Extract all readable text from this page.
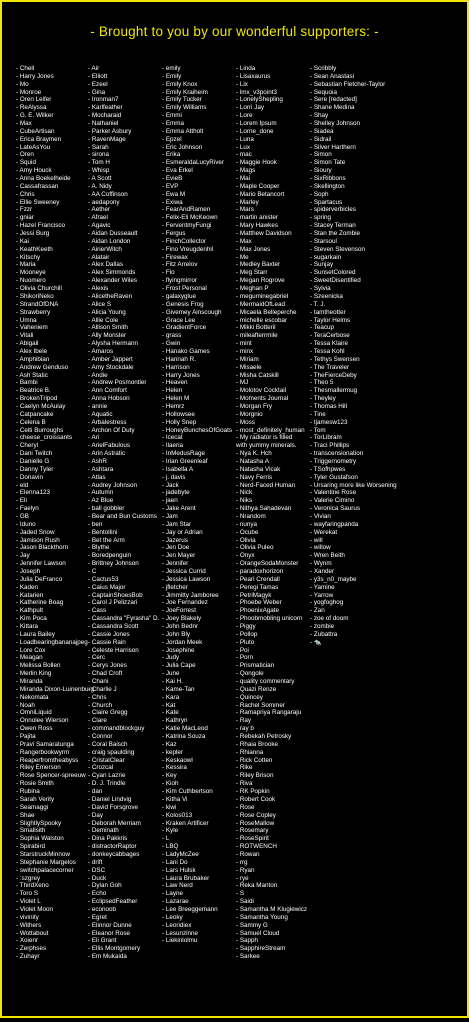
- Brought to you by our wonderful supporters: -
- Chell
- Harry Jones
- Mo
- Monroe
- Oren Leifer
- ReAlyssa
- G. E. Wilker
- Max
- CubeArtisan
- Erica Braymen
- LateAsYou
- Oren
- Squid
- Amy Houck
- Anna Boekelheide
- Cassafrassan
- Chris
- Ellie Sweeney
- Fzzr
- gniar
- Hazel Francisco
- Jessi Burg
- Kai
- KeathKeeth
- Kitschy
- Maria
- Mooneye
- Nuomero
- Olivia Churchill
- ShikoriNeko
- StrandOfDNA
- Strawberry
- Umna
- Vaheniem
- Vitali
- Abigail
- Alex Ibele
- Amphibian
- Andrew Genduso
- Ash Static
- Bambi
- Beatrice B.
- BrokenTripod
- Caelyn McAulay
- Catpancake
- Celena B
- Celti Burroughs
- cheese_croissants
- Cheryl
- Dani Twitch
- Danielle G
- Danny Tyler
- Donavin
- eld
- Elenna123
- Eli
- Faelyn
- GB
- Iduno
- Jaded Snow
- Jamison Rush
- Jason Blackthorn
- Jay
- Jennifer Lawson
- Joseph
- Julia DeFranco
- Kaden
- Katarien
- Katherine Boag
- Kathpult
- Kim Poca
- Kittara
- Laura Bailey
- Loadbearingbananajpeg
- Lore Cox
- Meagan
- Melissa Bollen
- Merlin King
- Miranda
- Miranda Dixon-Luinenburg
- Nekomata
- Noah
- OmniLiquid
- Onnolee Wierson
- Owen Ross
- Pajita
- Pravi Samaratunga
- Rangerbookwyrm
- Reaperfromtheabyss
- Riley Emerson
- Rose Spencer-spreeuw
- Rosie Smith
- Rubina
- Sarah Verity
- Seamaggi
- Shae
- SlightlySpooky
- Smallsith
- Sophia Walston
- Spirabird
- StarstruckMinnow
- Stephanie Margelos
- switchpalacecorner
- :szgrey
- ThirdXeno
- Toro S
- Violet L
- Violet Moon
- vivinity
- Withers
- Wottabout
- Xoienr
- Zerphses
- Zuhayr
- Air
- Elliott
- Ezeel
- Gina
- Ironman7
- Karlfeather
- Mocharaid
- Nathaniel
- Parker Asbury
- RavenMage
- Sarah
- sirona
- Tom H
- Whisp
- A Scott
- A. Nidy
- AA Coffinson
- aedapony
- Aether
- Afrael
- Agavic
- Aidan Dusseault
- Aidan London
- AirierWitch
- Alatair
- Alex Dallas
- Alex Simmonds
- Alexander Wiles
- Alexis
- AlicetheRaven
- Alice S
- Alicia Young
- Allie Cole
- Allison Smith
- Ally Monster
- Alysha Hermann
- Amaros
- Amber Jappert
- Amy Stockdale
- Andie
- Andrew Posmontier
- Ann Comfort
- Anna Hobson
- annie
- Aquatic
- Arbalestress
- Archon Of Duty
- Ari
- ArielFabulous
- Arin Astratic
- AshR
- Ashtara
- Atlas
- Audrey Johnson
- Autumn
- Az Blue
- ball gobbler
- Bear and Bun Customs
- ben
- Bentollini
- Bet the Arm
- Blythe
- Boredpenguin
- Brittney Johnson
- C
- Cactus53
- Caius Major
- CaptainShoesBob
- Carol J Pelizzari
- Cass
- Cassandra "Fyrasha" D.
- Cassandra Scott
- Cassie Jones
- Cassie Rain
- Celeste Harrison
- Cerc
- Cerys Jones
- Chad Croft
- Chani
- Charlie J
- Chris
- Church
- Claire Gregg
- Clare
- commandblockguy
- Connor
- Coral Baisch
- craig spaulding
- CristalClear
- Crozcal
- Cyan Lazrie
- D. J. Trindle
- dan
- Daniel Lindvig
- David Forsgrove
- Day
- Deborah Merriam
- Deminath
- Dina Pakkris
- distractorRaptor
- donkeycabbages
- drift
- DSC
- Duck
- Dylan Goh
- Echo
- EclipsedFeather
- econoob
- Egret
- Elinnor Dunne
- Eleanor Rose
- Eli Grant
- Ellis Montgomery
- Em Mukaida
- emily
- Emily
- Emily Knox
- Emily Kraiheim
- Emily Tucker
- Emily Williams
- Emmi
- Emma
- Emma Attholt
- Epzel
- Eric Johnson
- Erika
- EsmeraldaLucyRiver
- Eva Erkel
- EvieB
- EVP
- Ewa M
- Exiwa
- FearAndRamen
- Felix-Eli McKeown
- FerventmyFungi
- Fergus
- FinchCollector
- Fino Vreugdenhil
- Firewax
- Fitz Arrelov
- Flo
- flyingmirror
- Frost Personal
- galaxyglue
- Genesis Frog
- Givemey Ainscough
- Grace Lee
- GradientForce
- grass
- Gwin
- Hanako Games
- Hannah R.
- Harrison
- Harry Jones
- Heaven
- Helen
- Helen M
- Hemrz
- Hollowsee
- Holly Snep
- HoneyBunchesOfGoats
- Icecat
- Ilaeria
- InMedusRage
- Irian Greenleaf
- Isabella A
- j. davis
- Jack
- jadebyte
- jaen
- Jake Arent
- Jam
- Jam Star
- Jay or Adrian
- Jazerus
- Jen Doe
- Jen Mayer
- Jennifer
- Jessica Currid
- Jessica Lawson
- jfletcher
- Jimmitty Jamboree
- Joe Fernandez
- JoeForrest
- Joey Blakely
- John Bednr
- John Bly
- Jordan Meek
- Josephine
- Judy
- Julia Cape
- June
- Kai H.
- Kame-Tan
- Kara
- Kat
- Kate
- Kathryn
- Katie MacLeod
- Katrina Souza
- Kaz
- kepler
- Keskaowl
- Kessira
- Key
- Kioh
- Kim Cuthbertson
- Kitha Vi
- kiwi
- Kolos013
- Kraken Artificer
- Kyle
- L
- LBQ
- LadyMcZee
- Lani Do
- Lars Hulsk
- Laura Brubaker
- Law Nerd
- Layne
- Lazarae
- Lee Breeggemann
- Leoky
- Leoridiex
- Lesunzinne
- Liekinlolmu
- Linda
- Lisaxaurus
- Lix
- lmx_v3point3
- LonelyShepling
- Lorri Jay
- Lore
- Lorem Ipsum
- Lorne_done
- Luna
- Lux
- mac
- Maggie Hook
- Mags
- Mai
- Maple Cooper
- Mario Betancort
- Marley
- Mars
- martin anister
- Mary Hawkes
- Matthew Davidson
- Max
- Max Jones
- Me
- Medley Baxter
- Meg Starr
- Megan Rogrove
- Meghan P
- meguminegabriel
- MermaidOfLead
- Micaela Belleperche
- michelle escobar
- Mikki Botteril
- mileafterrmile
- mint
- minx
- Miriam
- Misaele
- Misha Catskill
- MJ
- Molotov Cocktail
- Moments Journal
- Morgan Fry
- Morgnio
- Moss
- most_definitely_human
- My radiator is filled
with yummy minerals.
- Nya K. Hch
- Natasha A
- Natasha Vicak
- Navy Ferris
- Nerd-Faced Human
- Nick
- Niks
- Nithya Sahadevan
- Nrandom
- nunya
- Ocube
- Olivia
- Olivia Puleo
- Onyx
- OrangeSodaMonster
- paradoxhorizon
- Pearl Crendall
- Peregi Tamas
- PetriMagyk
- Phoebe Weber
- PhoenixAgate
- Phoobmobling unicorn
- Piggy
- Pollop
- Pluto
- Poi
- Porn
- Prismatician
- Qongole
- quality commentary
- Quazi Renze
- Quincey
- Rachel Sommer
- Ramapriya Rangaraju
- Ray
- ray b
- Rebekah Petrosky
- Rhaia Brooke
- Rhianna
- Rick Cotten
- Rike
- Riley Brison
- Riva
- RK Popkin
- Robert Cook
- Rose
- Rose Copley
- RoseMallow
- Rosemary
- RoseSpirit
- ROTWENCH
- Rowan
- rrg
- Ryan
- rye
- Reka Manton
- S
- Saidi
- Samantha M Klugiewicz
- Samantha Young
- Sammy G
- Samuel Cloud
- Sapph
- SapphireStream
- Sarkee
- Scribbly
- Sean Anastasi
- Sebastian Fletcher-Taylor
- Sequoia
- Sere [redacted]
- Shane Medina
- Shay
- Shelley Johnson
- Siadea
- Sidrail
- Silver Harthern
- Simon
- Simon Tate
- Sioury
- SixRibbons
- Skellington
- Soph
- Spartacus
- spiderverbicles
- spring
- Stacey Terman
- Stan the Zombie
- Starsoul
- Steven Stevenson
- sugarkain
- Sunjay
- SunsetColored
- SweetDisentified
- Sylvia
- Szeenicka
- T. J.
- tamtheotter
- Taylor Helms
- Teacup
- TeraCerbose
- Tessa Klaire
- Tessa Kohl
- Tethys Swensen
- The Traveler
- TheFierceDeby
- Theo 5
- Thesmallermug
- Theyley
- Thomas Hill
- Tine
- tjamesw123
- Tom
- TorLibram
- Traci Phillips
- transcensionation
- Triggernometry
- TSofhpwes
- Tyler Gustafson
- Ursaring more like Worsening
- Valentine Rose
- Valerie Cimino
- Veronica Saurus
- Vivian
- wayfaringpanda
- Werekat
- will
- willow
- Wren Beith
- Wynm
- Xander
- y3s_n0_maybe
- Yamine
- Yarrow
- yogfoghog
- Zan
- zoe of doom
- zombie
- Zubattra
- 🐀
